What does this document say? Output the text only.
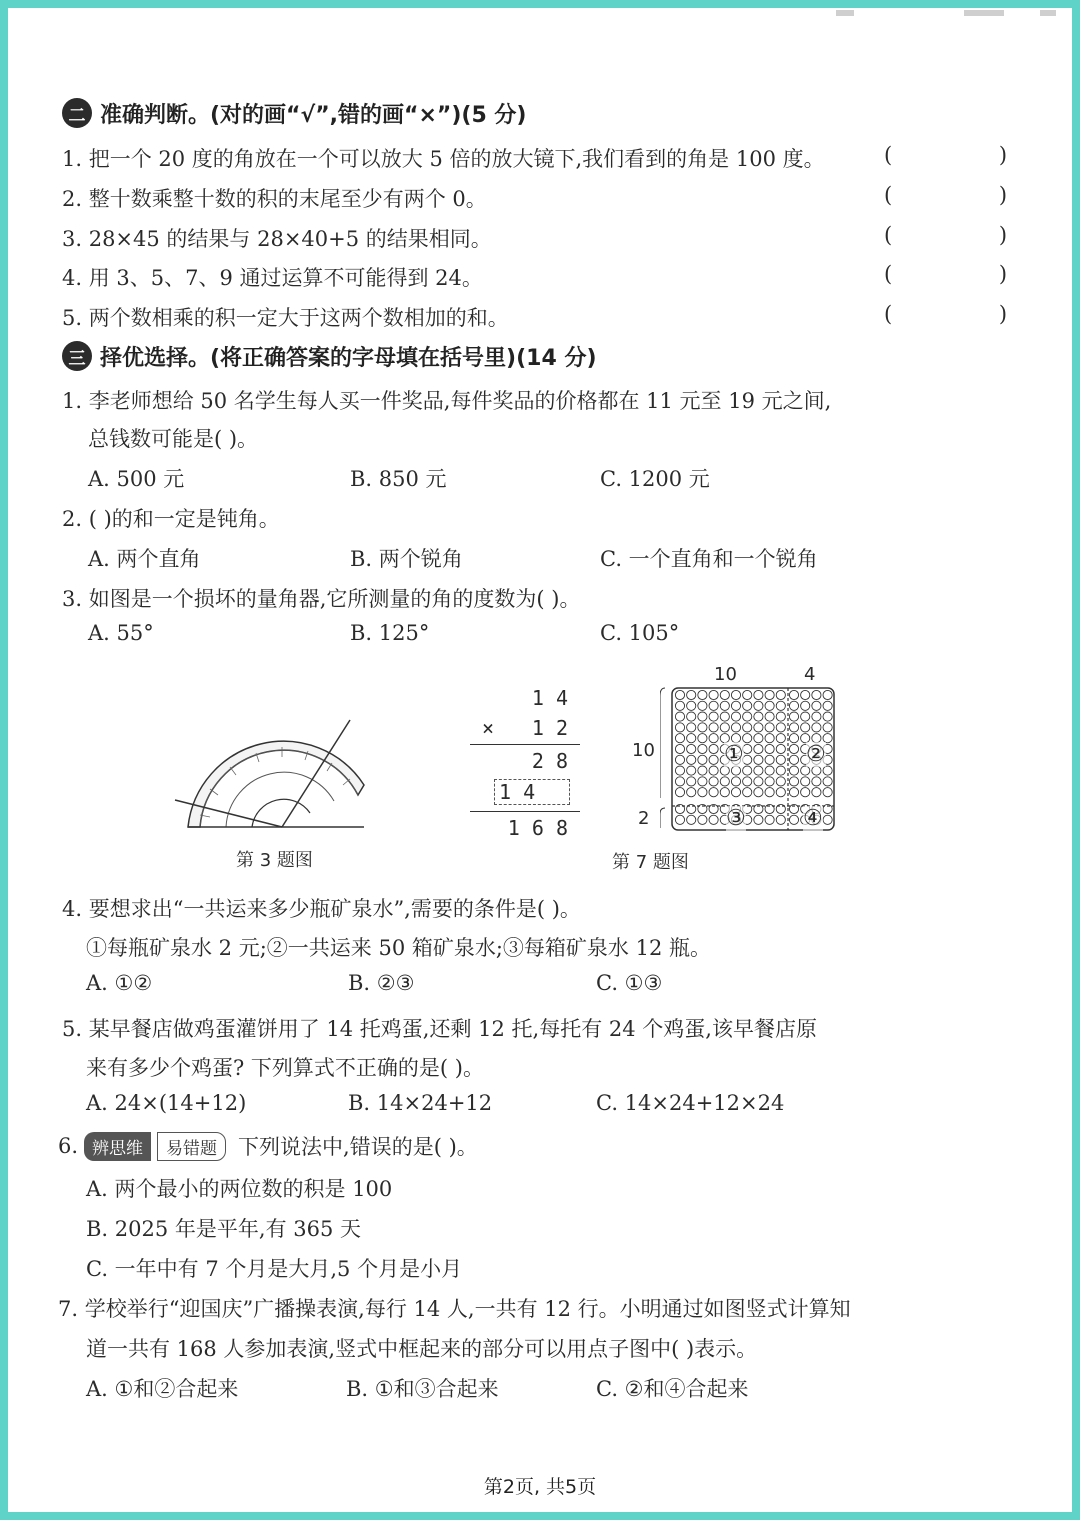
二 准确判断。(对的画“√”,错的画“×”)(5 分)
1. 把一个 20 度的角放在一个可以放大 5 倍的放大镜下,我们看到的角是 100 度。	( )
2. 整十数乘整十数的积的末尾至少有两个 0。	( )
3. 28×45 的结果与 28×40+5 的结果相同。	( )
4. 用 3、5、7、9 通过运算不可能得到 24。	( )
5. 两个数相乘的积一定大于这两个数相加的和。	( )
三 择优选择。(将正确答案的字母填在括号里)(14 分)
1. 李老师想给 50 名学生每人买一件奖品,每件奖品的价格都在 11 元至 19 元之间,
总钱数可能是( )。
A. 500 元	B. 850 元	C. 1200 元
2. ( )的和一定是钝角。
A. 两个直角	B. 两个锐角	C. 一个直角和一个锐角
3. 如图是一个损坏的量角器,它所测量的角的度数为( )。
A. 55°	B. 125°	C. 105°
第 3 题图
1 4
× 1 2
2 8
1 4
1 6 8
10	4
10
2
①	②
③	④
第 7 题图
4. 要想求出“一共运来多少瓶矿泉水”,需要的条件是( )。
①每瓶矿泉水 2 元;②一共运来 50 箱矿泉水;③每箱矿泉水 12 瓶。
A. ①②	B. ②③	C. ①③
5. 某早餐店做鸡蛋灌饼用了 14 托鸡蛋,还剩 12 托,每托有 24 个鸡蛋,该早餐店原
来有多少个鸡蛋? 下列算式不正确的是( )。
A. 24×(14+12)	B. 14×24+12	C. 14×24+12×24
6. 辨思维	易错题	下列说法中,错误的是( )。
A. 两个最小的两位数的积是 100
B. 2025 年是平年,有 365 天
C. 一年中有 7 个月是大月,5 个月是小月
7. 学校举行“迎国庆”广播操表演,每行 14 人,一共有 12 行。小明通过如图竖式计算知
道一共有 168 人参加表演,竖式中框起来的部分可以用点子图中( )表示。
A. ①和②合起来	B. ①和③合起来	C. ②和④合起来
第2页, 共5页
